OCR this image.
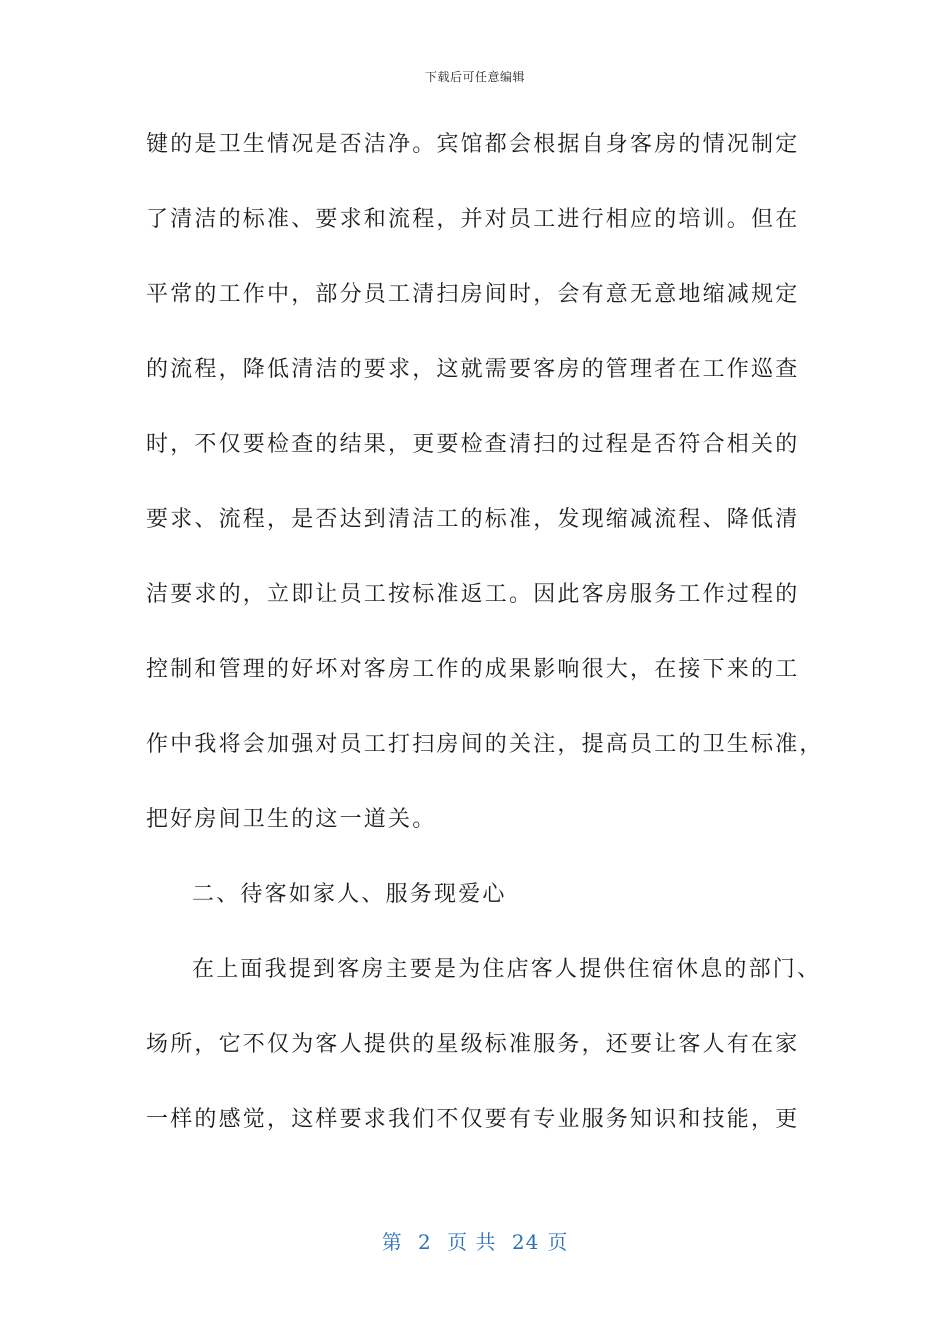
下载后可任意编辑
键的是卫生情况是否洁净。宾馆都会根据自身客房的情况制定
了清洁的标准、要求和流程，并对员工进行相应的培训。但在
平常的工作中，部分员工清扫房间时，会有意无意地缩减规定
的流程，降低清洁的要求，这就需要客房的管理者在工作巡查
时，不仅要检查的结果，更要检查清扫的过程是否符合相关的
要求、流程，是否达到清洁工的标准，发现缩减流程、降低清
洁要求的，立即让员工按标准返工。因此客房服务工作过程的
控制和管理的好坏对客房工作的成果影响很大，在接下来的工
作中我将会加强对员工打扫房间的关注，提高员工的卫生标准，
把好房间卫生的这一道关。
二、待客如家人、服务现爱心
在上面我提到客房主要是为住店客人提供住宿休息的部门、
场所，它不仅为客人提供的星级标准服务，还要让客人有在家
一样的感觉，这样要求我们不仅要有专业服务知识和技能，更
第 2 页 共 24 页
